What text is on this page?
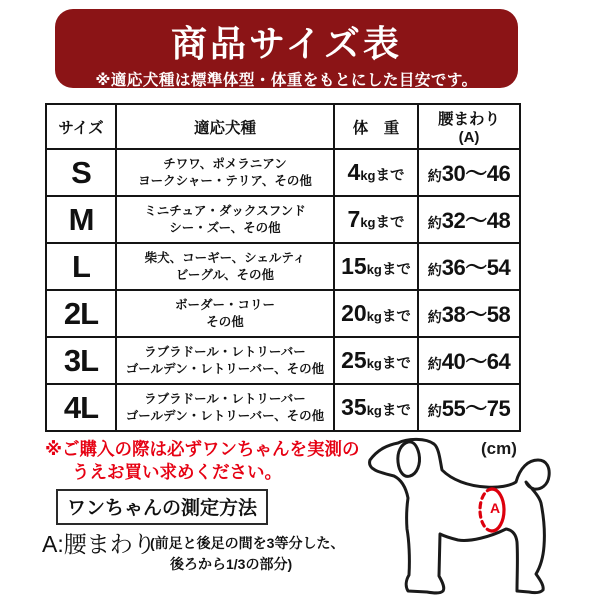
商品サイズ表
※適応犬種は標準体型・体重をもとにした目安です。
サイズ	適応犬種	体　重	腰まわり
(A)

S	チワワ、ポメラニアン
ヨークシャー・テリア、その他	4kgまで	約30〜46
M	ミニチュア・ダックスフンド
シー・ズー、その他	7kgまで	約32〜48
L	柴犬、コーギー、シェルティ
ビーグル、その他	15kgまで	約36〜54
2L	ボーダー・コリー
その他	20kgまで	約38〜58
3L	ラブラドール・レトリーバー
ゴールデン・レトリーバー、その他	25kgまで	約40〜64
4L	ラブラドール・レトリーバー
ゴールデン・レトリーバー、その他	35kgまで	約55〜75
※ご購入の際は必ずワンちゃんを実測の
うえお買い求めください。
(cm)
ワンちゃんの測定方法
A:腰まわり
(前足と後足の間を3等分した、
後ろから1/3の部分)
A
